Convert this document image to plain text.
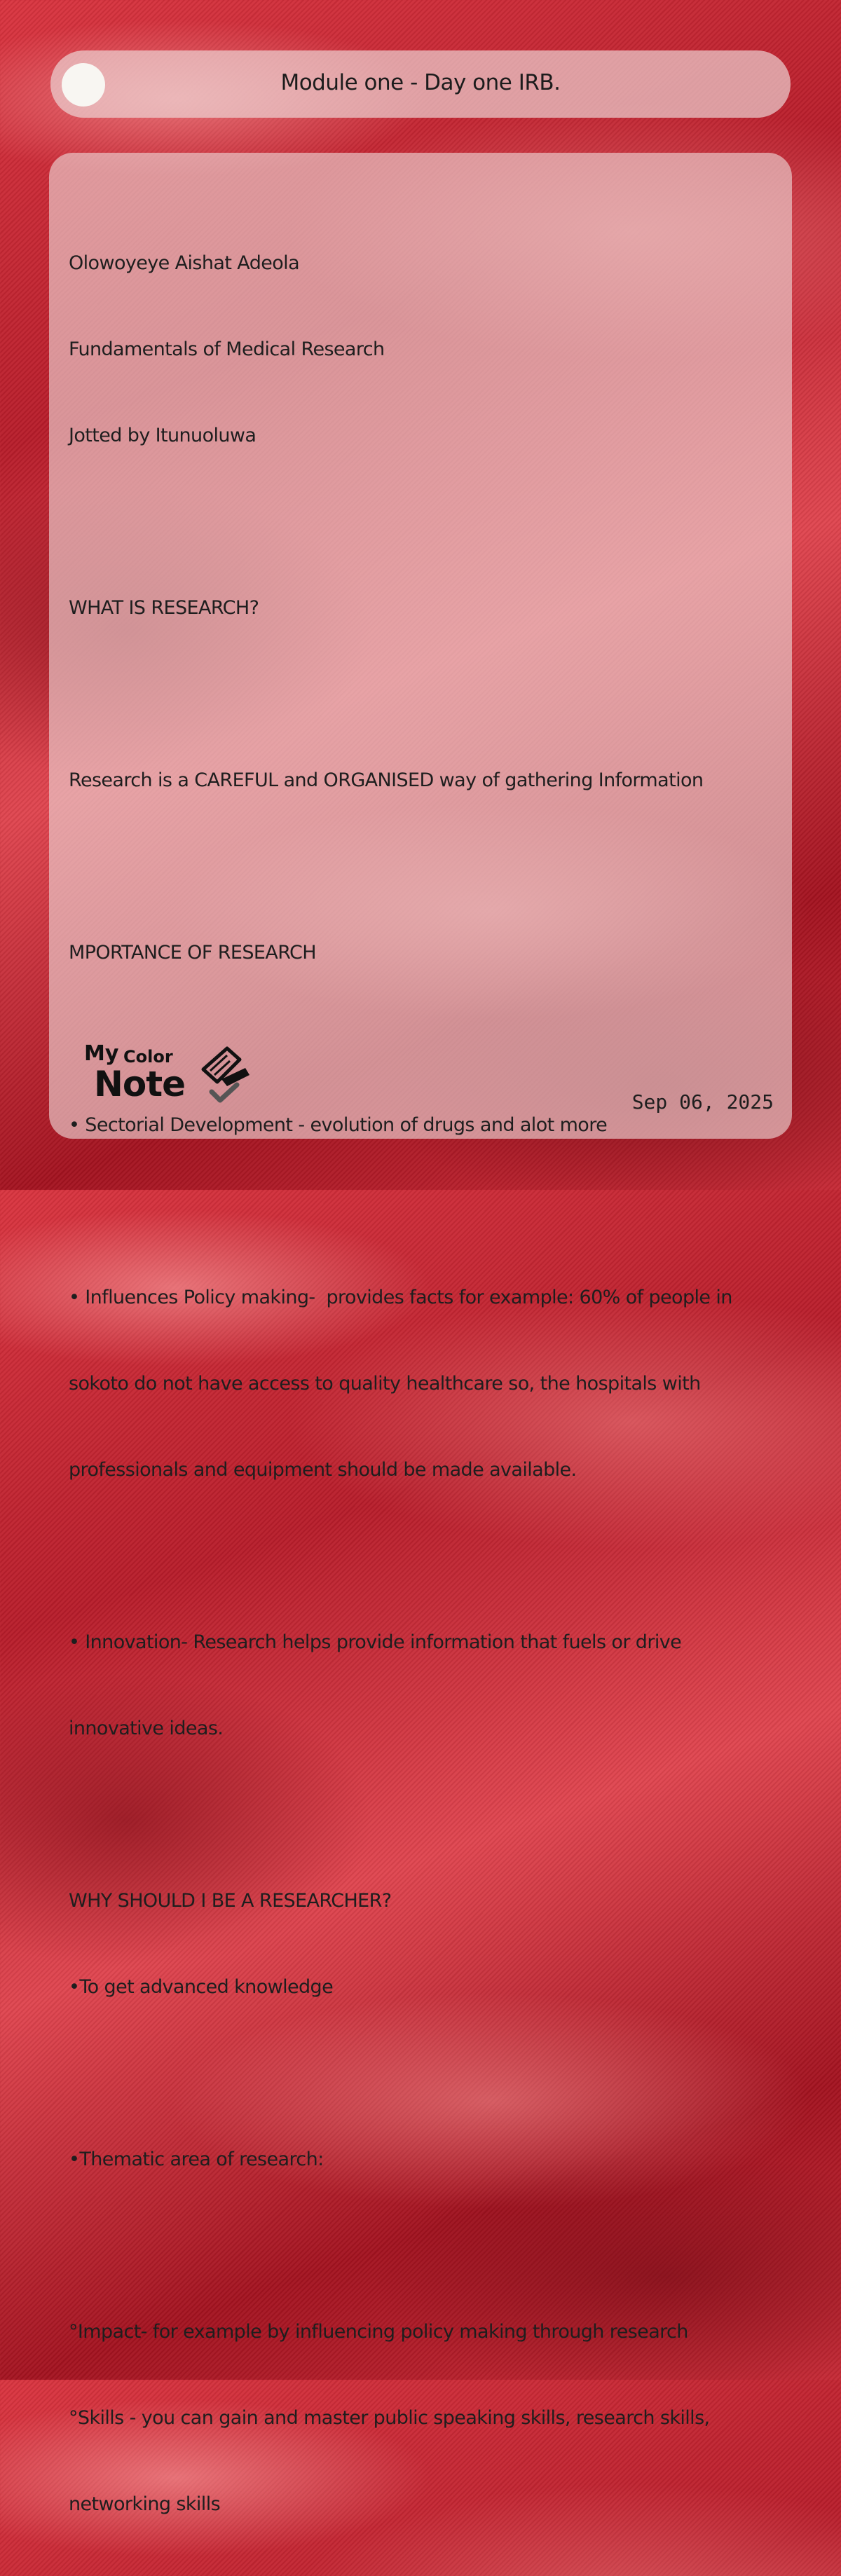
Module one - Day one IRB.

Olowoyeye Aishat Adeola

Fundamentals of Medical Research

Jotted by Itunuoluwa

WHAT IS RESEARCH?

Research is a CAREFUL and ORGANISED way of gathering Information

MPORTANCE OF RESEARCH

• Sectorial Development - evolution of drugs and alot more

• Influences Policy making-  provides facts for example: 60% of people in

sokoto do not have access to quality healthcare so, the hospitals with

professionals and equipment should be made available.

• Innovation- Research helps provide information that fuels or drive

innovative ideas.

WHY SHOULD I BE A RESEARCHER?

•To get advanced knowledge

•Thematic area of research:

°Impact- for example by influencing policy making through research

°Skills - you can gain and master public speaking skills, research skills,

networking skills

My Color
Note	Sep 06, 2025
